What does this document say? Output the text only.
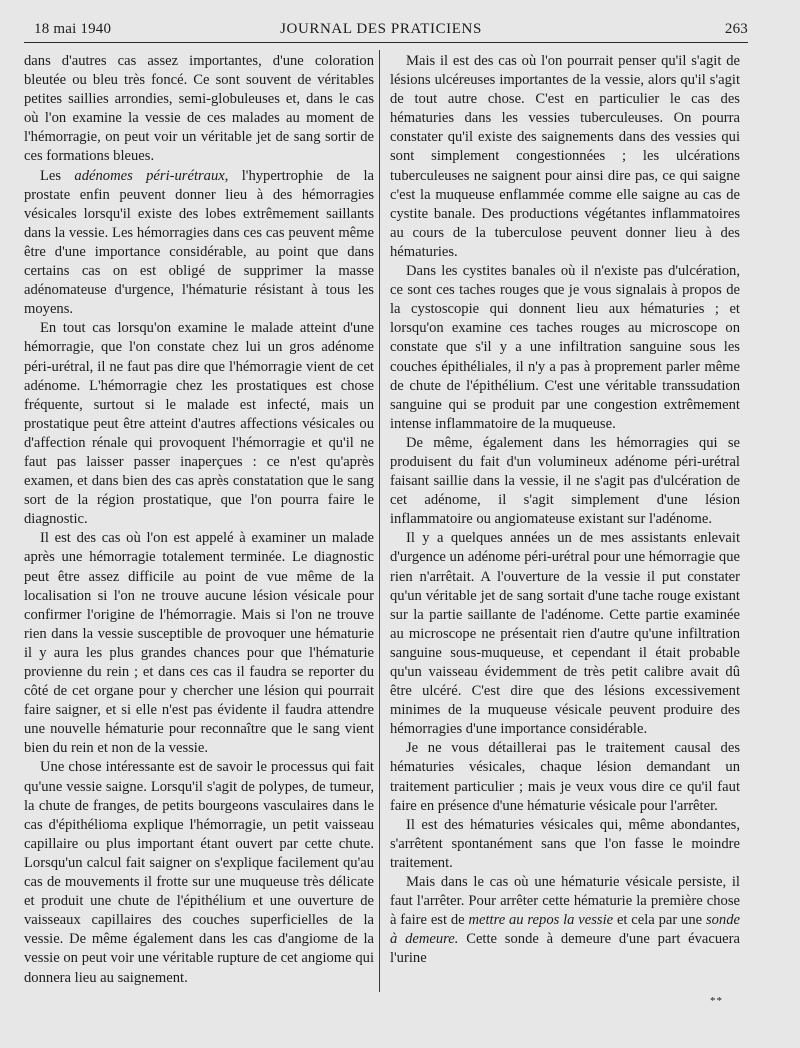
18 mai 1940	JOURNAL DES PRATICIENS	263

dans d'autres cas assez importantes, d'une coloration bleutée ou bleu très foncé. Ce sont souvent de véritables petites saillies arrondies, semi-globuleuses et, dans le cas où l'on examine la vessie de ces malades au moment de l'hémorragie, on peut voir un véritable jet de sang sortir de ces formations bleues.

Les adénomes péri-urétraux, l'hypertrophie de la prostate enfin peuvent donner lieu à des hémorragies vésicales lorsqu'il existe des lobes extrêmement saillants dans la vessie. Les hémorragies dans ces cas peuvent même être d'une importance considérable, au point que dans certains cas on est obligé de supprimer la masse adénomateuse d'urgence, l'hématurie résistant à tous les moyens.

En tout cas lorsqu'on examine le malade atteint d'une hémorragie, que l'on constate chez lui un gros adénome péri-urétral, il ne faut pas dire que l'hémorragie vient de cet adénome. L'hémorragie chez les prostatiques est chose fréquente, surtout si le malade est infecté, mais un prostatique peut être atteint d'autres affections vésicales ou d'affection rénale qui provoquent l'hémorragie et qu'il ne faut pas laisser passer inaperçues : ce n'est qu'après examen, et dans bien des cas après constatation que le sang sort de la région prostatique, que l'on pourra faire le diagnostic.

Il est des cas où l'on est appelé à examiner un malade après une hémorragie totalement terminée. Le diagnostic peut être assez difficile au point de vue même de la localisation si l'on ne trouve aucune lésion vésicale pour confirmer l'origine de l'hémorragie. Mais si l'on ne trouve rien dans la vessie susceptible de provoquer une hématurie il y aura les plus grandes chances pour que l'hématurie provienne du rein ; et dans ces cas il faudra se reporter du côté de cet organe pour y chercher une lésion qui pourrait faire saigner, et si elle n'est pas évidente il faudra attendre une nouvelle hématurie pour reconnaître que le sang vient bien du rein et non de la vessie.

Une chose intéressante est de savoir le processus qui fait qu'une vessie saigne. Lorsqu'il s'agit de polypes, de tumeur, la chute de franges, de petits bourgeons vasculaires dans le cas d'épithélioma explique l'hémorragie, un petit vaisseau capillaire ou plus important étant ouvert par cette chute. Lorsqu'un calcul fait saigner on s'explique facilement qu'au cas de mouvements il frotte sur une muqueuse très délicate et produit une chute de l'épithélium et une ouverture de vaisseaux capillaires des couches superficielles de la vessie. De même également dans les cas d'angiome de la vessie on peut voir une véritable rupture de cet angiome qui donnera lieu au saignement.

Mais il est des cas où l'on pourrait penser qu'il s'agit de lésions ulcéreuses importantes de la vessie, alors qu'il s'agit de tout autre chose. C'est en particulier le cas des hématuries dans les vessies tuberculeuses. On pourra constater qu'il existe des saignements dans des vessies qui sont simplement congestionnées ; les ulcérations tuberculeuses ne saignent pour ainsi dire pas, ce qui saigne c'est la muqueuse enflammée comme elle saigne au cas de cystite banale. Des productions végétantes inflammatoires au cours de la tuberculose peuvent donner lieu à des hématuries.

Dans les cystites banales où il n'existe pas d'ulcération, ce sont ces taches rouges que je vous signalais à propos de la cystoscopie qui donnent lieu aux hématuries ; et lorsqu'on examine ces taches rouges au microscope on constate que s'il y a une infiltration sanguine sous les couches épithéliales, il n'y a pas à proprement parler même de chute de l'épithélium. C'est une véritable transsudation sanguine qui se produit par une congestion extrêmement intense inflammatoire de la muqueuse.

De même, également dans les hémorragies qui se produisent du fait d'un volumineux adénome péri-urétral faisant saillie dans la vessie, il ne s'agit pas d'ulcération de cet adénome, il s'agit simplement d'une lésion inflammatoire ou angiomateuse existant sur l'adénome.

Il y a quelques années un de mes assistants enlevait d'urgence un adénome péri-urétral pour une hémorragie que rien n'arrêtait. A l'ouverture de la vessie il put constater qu'un véritable jet de sang sortait d'une tache rouge existant sur la partie saillante de l'adénome. Cette partie examinée au microscope ne présentait rien d'autre qu'une infiltration sanguine sous-muqueuse, et cependant il était probable qu'un vaisseau évidemment de très petit calibre avait dû être ulcéré. C'est dire que des lésions excessivement minimes de la muqueuse vésicale peuvent produire des hémorragies d'une importance considérable.

Je ne vous détaillerai pas le traitement causal des hématuries vésicales, chaque lésion demandant un traitement particulier ; mais je veux vous dire ce qu'il faut faire en présence d'une hématurie vésicale pour l'arrêter.

Il est des hématuries vésicales qui, même abondantes, s'arrêtent spontanément sans que l'on fasse le moindre traitement.

Mais dans le cas où une hématurie vésicale persiste, il faut l'arrêter. Pour arrêter cette hématurie la première chose à faire est de mettre au repos la vessie et cela par une sonde à demeure. Cette sonde à demeure d'une part évacuera l'urine

**
